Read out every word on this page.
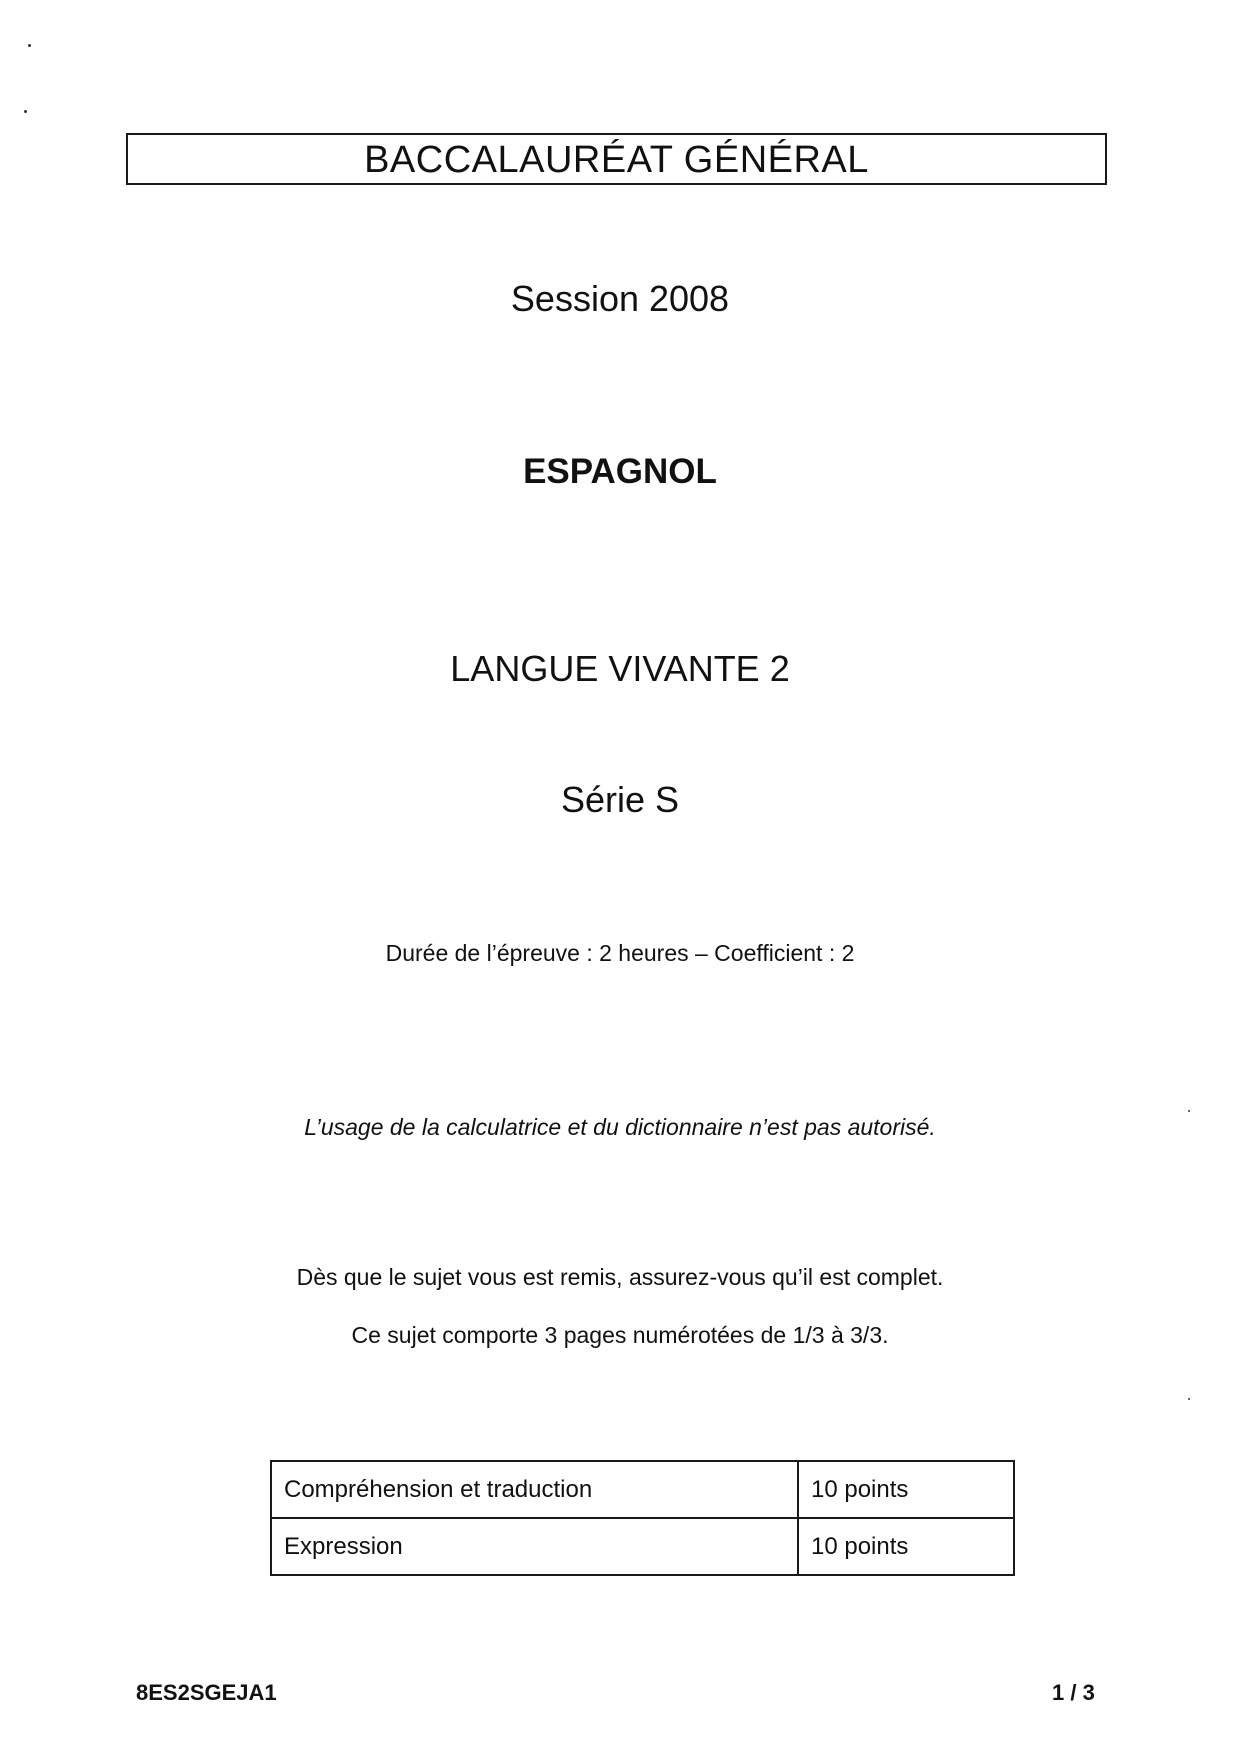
BACCALAURÉAT GÉNÉRAL
Session 2008
ESPAGNOL
LANGUE VIVANTE 2
Série S
Durée de l’épreuve : 2 heures – Coefficient : 2
L’usage de la calculatrice et du dictionnaire n’est pas autorisé.
Dès que le sujet vous est remis, assurez-vous qu’il est complet.
Ce sujet comporte 3 pages numérotées de 1/3 à 3/3.
Compréhension et traduction	10 points
Expression	10 points
8ES2SGEJA1	1 / 3
